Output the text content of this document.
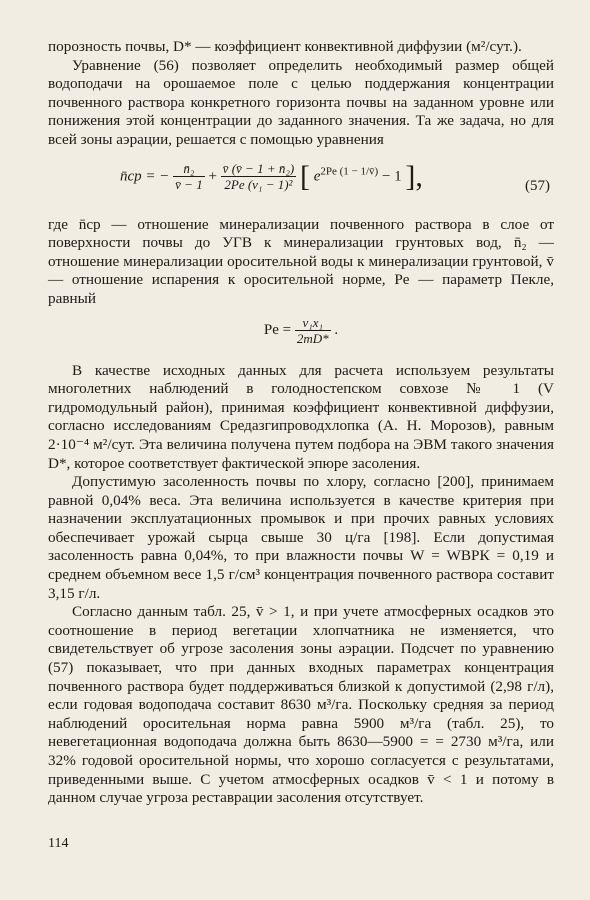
порозность почвы, D* — коэффициент конвективной диффузии (м²/сут.).

Уравнение (56) позволяет определить необходимый размер общей водоподачи на орошаемое поле с целью поддержания концентрации почвенного раствора конкретного горизонта почвы на заданном уровне или понижения этой концентрации до заданного значения. Та же задача, но для всей зоны аэрации, решается с помощью уравнения

n̄ср = − $\frac{\text{n̄₂}}{v̄ - 1} + \frac{\text{v̄ (v̄ − 1 + n̄₂)}}{\text{2Pe (v₁ − 1)²}}$ [ $e^{2Pe (1 - 1/v̄)} - 1$ ],	(57)

где n̄ср — отношение минерализации почвенного раствора в слое от поверхности почвы до УГВ к минерализации грунтовых вод, n̄₂ — отношение минерализации оросительной воды к минерализации грунтовой, v̄ — отношение испарения к оросительной норме, Pe — параметр Пекле, равный

$Pe = \frac{\text{v₁x₁}}{2mD*}$ .

В качестве исходных данных для расчета используем результаты многолетних наблюдений в голодностепском совхозе № 1 (V гидромодульный район), принимая коэффициент конвективной диффузии, согласно исследованиям Средазгипроводхлопка (А. Н. Морозов), равным 2·10⁻⁴ м²/сут. Эта величина получена путем подбора на ЭВМ такого значения D*, которое соответствует фактической эпюре засоления.

Допустимую засоленность почвы по хлору, согласно [200], принимаем равной 0,04% веса. Эта величина используется в качестве критерия при назначении эксплуатационных промывок и при прочих равных условиях обеспечивает урожай сырца свыше 30 ц/га [198]. Если допустимая засоленность равна 0,04%, то при влажности почвы W = WВРК = 0,19 и среднем объемном весе 1,5 г/см³ концентрация почвенного раствора составит 3,15 г/л.

Согласно данным табл. 25, v̄ > 1, и при учете атмосферных осадков это соотношение в период вегетации хлопчатника не изменяется, что свидетельствует об угрозе засоления зоны аэрации. Подсчет по уравнению (57) показывает, что при данных входных параметрах концентрация почвенного раствора будет поддерживаться близкой к допустимой (2,98 г/л), если годовая водоподача составит 8630 м³/га. Поскольку средняя за период наблюдений оросительная норма равна 5900 м³/га (табл. 25), то невегетационная водоподача должна быть 8630—5900 = = 2730 м³/га, или 32% годовой оросительной нормы, что хорошо согласуется с результатами, приведенными выше. С учетом атмосферных осадков v̄ < 1 и потому в данном случае угроза реставрации засоления отсутствует.

114
